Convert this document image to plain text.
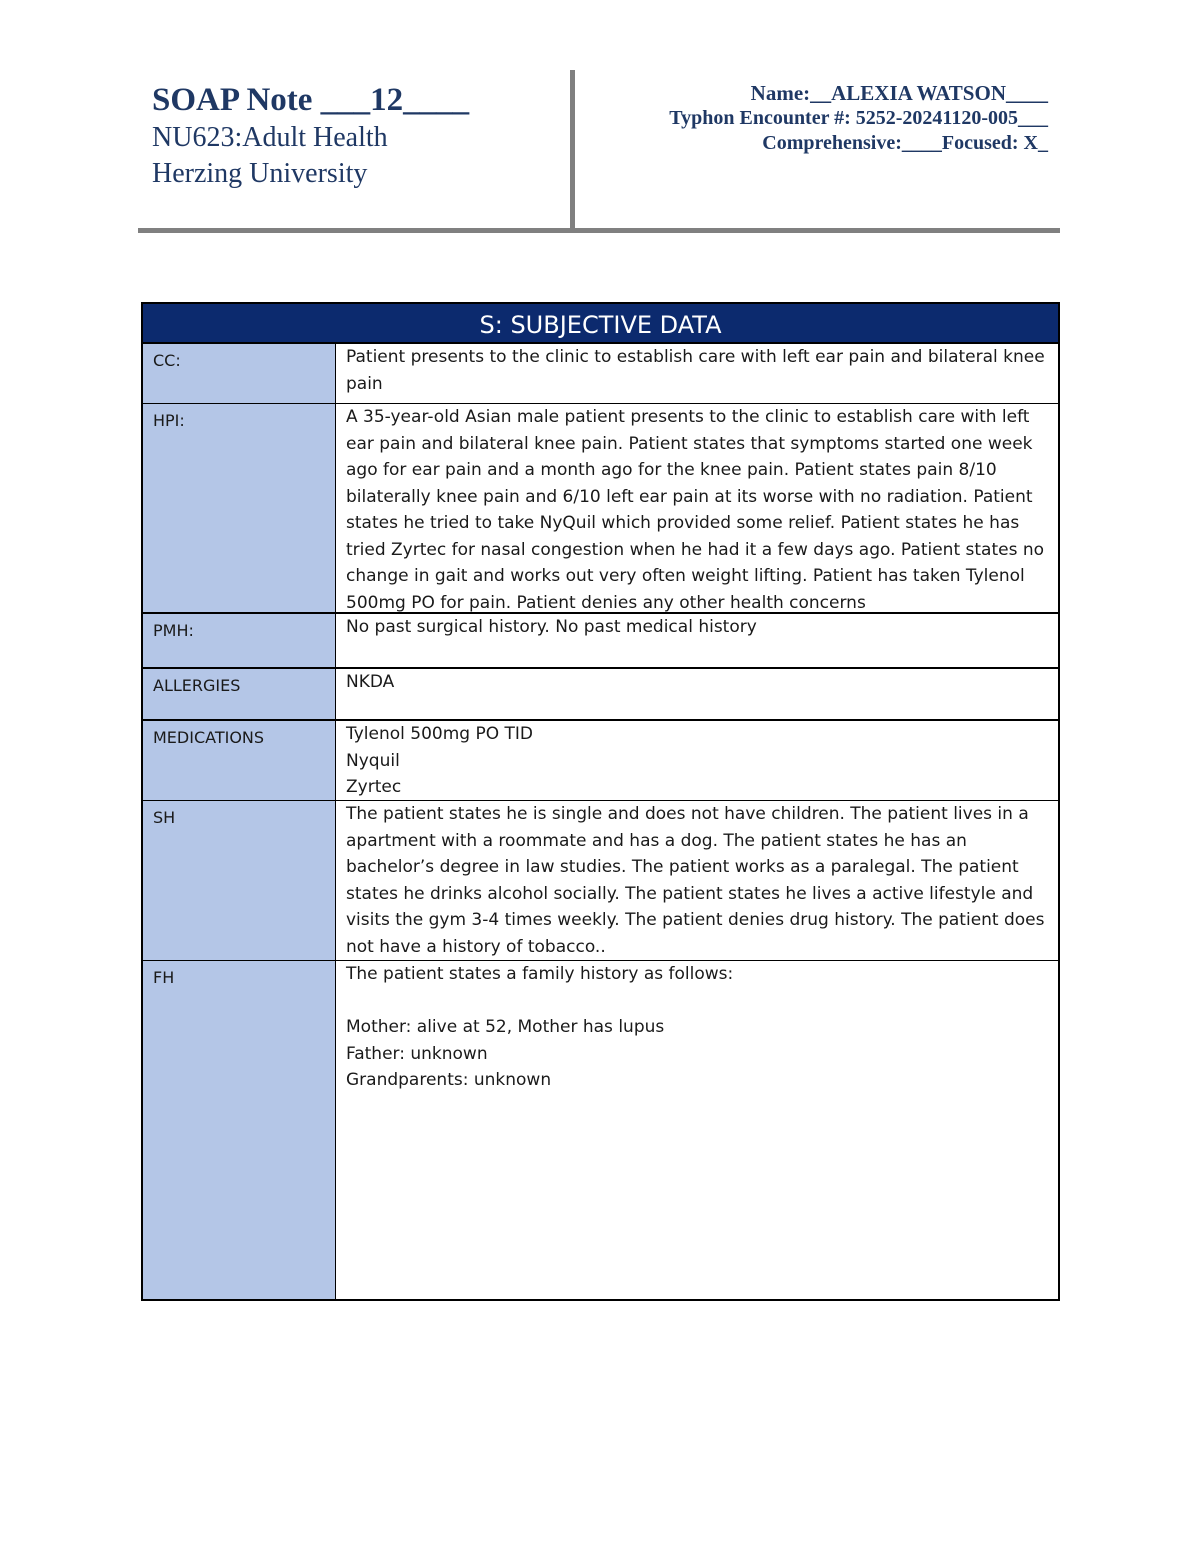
SOAP Note ___12____
NU623:Adult Health
Herzing University
Name:__ALEXIA WATSON____
Typhon Encounter #: 5252-20241120-005___
Comprehensive:____Focused: X_
S: SUBJECTIVE DATA
CC:	Patient presents to the clinic to establish care with left ear pain and bilateral knee pain

HPI:	A 35-year-old Asian male patient presents to the clinic to establish care with left ear pain and bilateral knee pain. Patient states that symptoms started one week ago for ear pain and a month ago for the knee pain. Patient states pain 8/10 bilaterally knee pain and 6/10 left ear pain at its worse with no radiation. Patient states he tried to take NyQuil which provided some relief. Patient states he has tried Zyrtec for nasal congestion when he had it a few days ago. Patient states no change in gait and works out very often weight lifting. Patient has taken Tylenol 500mg PO for pain. Patient denies any other health concerns

PMH:	No past surgical history. No past medical history

ALLERGIES	NKDA

MEDICATIONS	Tylenol 500mg PO TID

Nyquil

Zyrtec

SH	The patient states he is single and does not have children. The patient lives in a apartment with a roommate and has a dog. The patient states he has an bachelor’s degree in law studies. The patient works as a paralegal. The patient states he drinks alcohol socially. The patient states he lives a active lifestyle and visits the gym 3-4 times weekly. The patient denies drug history. The patient does not have a history of tobacco..

FH	The patient states a family history as follows:

Mother: alive at 52, Mother has lupus

Father: unknown

Grandparents: unknown
